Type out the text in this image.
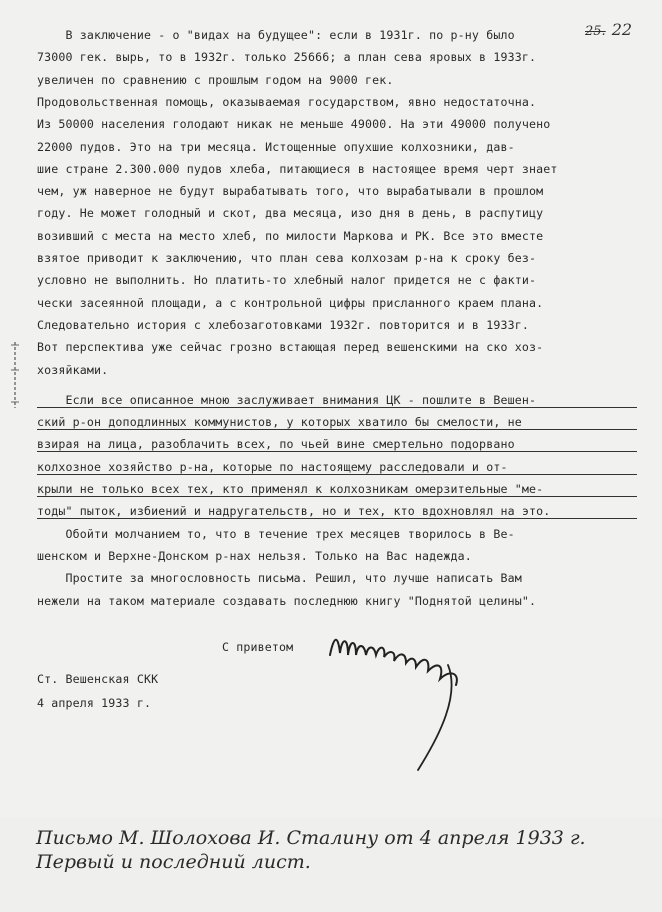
25. 22
В заключение - о "видах на будущее": если в 1931г. по р-ну было
73000 гек. вырь, то в 1932г. только 25666; а план сева яровых в 1933г.
увеличен по сравнению с прошлым годом на 9000 гек.
Продовольственная помощь, оказываемая государством, явно недостаточна.
Из 50000 населения голодают никак не меньше 49000. На эти 49000 получено
22000 пудов. Это на три месяца. Истощенные опухшие колхозники, дав-
шие стране 2.300.000 пудов хлеба, питающиеся в настоящее время черт знает
чем, уж наверное не будут вырабатывать того, что вырабатывали в прошлом
году. Не может голодный и скот, два месяца, изо дня в день, в распутицу
возивший с места на место хлеб, по милости Маркова и РК. Все это вместе
взятое приводит к заключению, что план сева колхозам р-на к сроку без-
условно не выполнить. Но платить-то хлебный налог придется не с факти-
чески засеянной площади, а с контрольной цифры присланного краем плана.
Следовательно история с хлебозаготовками 1932г. повторится и в 1933г.
Вот перспектива уже сейчас грозно встающая перед вешенскими на ско хоз-
хозяйками.
Если все описанное мною заслуживает внимания ЦК - пошлите в Вешен-
ский р-он доподлинных коммунистов, у которых хватило бы смелости, не
взирая на лица, разоблачить всех, по чьей вине смертельно подорвано
колхозное хозяйство р-на, которые по настоящему расследовали и от-
крыли не только всех тех, кто применял к колхозникам омерзительные "ме-
тоды" пыток, избиений и надругательств, но и тех, кто вдохновлял на это.
Обойти молчанием то, что в течение трех месяцев творилось в Ве-
шенском и Верхне-Донском р-нах нельзя. Только на Вас надежда.
Простите за многословность письма. Решил, что лучше написать Вам
нежели на таком материале создавать последнюю книгу "Поднятой целины".
С приветом
Ст. Вешенская СКК
4 апреля 1933 г.
Письмо М. Шолохова И. Сталину от 4 апреля 1933 г.
Первый и последний лист.
